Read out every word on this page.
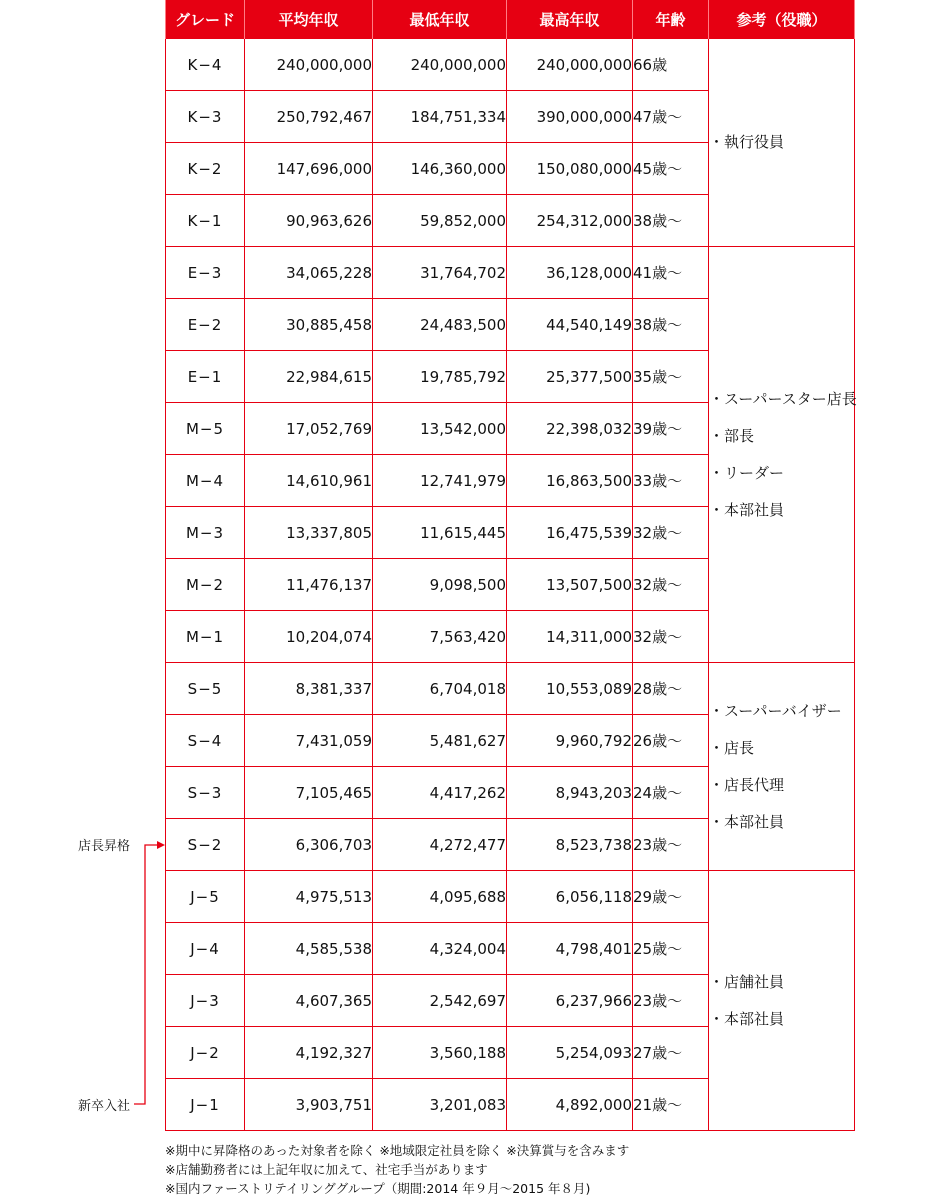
グレード	平均年収	最低年収	最高年収	年齢	参考（役職）
K−4	240,000,000	240,000,000	240,000,000	66歳	・執行役員

K−3	250,792,467	184,751,334	390,000,000	47歳〜	
K−2	147,696,000	146,360,000	150,080,000	45歳〜	
K−1	90,963,626	59,852,000	254,312,000	38歳〜	
E−3	34,065,228	31,764,702	36,128,000	41歳〜	・スーパースター店長
・部長
・リーダー
・本部社員

E−2	30,885,458	24,483,500	44,540,149	38歳〜	
E−1	22,984,615	19,785,792	25,377,500	35歳〜	
M−5	17,052,769	13,542,000	22,398,032	39歳〜	
M−4	14,610,961	12,741,979	16,863,500	33歳〜	
M−3	13,337,805	11,615,445	16,475,539	32歳〜	
M−2	11,476,137	9,098,500	13,507,500	32歳〜	
M−1	10,204,074	7,563,420	14,311,000	32歳〜	
S−5	8,381,337	6,704,018	10,553,089	28歳〜	・スーパーバイザー
・店長
・店長代理
・本部社員

S−4	7,431,059	5,481,627	9,960,792	26歳〜	
S−3	7,105,465	4,417,262	8,943,203	24歳〜	
S−2	6,306,703	4,272,477	8,523,738	23歳〜	
J−5	4,975,513	4,095,688	6,056,118	29歳〜	・店舗社員
・本部社員

J−4	4,585,538	4,324,004	4,798,401	25歳〜	
J−3	4,607,365	2,542,697	6,237,966	23歳〜	
J−2	4,192,327	3,560,188	5,254,093	27歳〜	
J−1	3,903,751	3,201,083	4,892,000	21歳〜	
店長昇格
新卒入社
※期中に昇降格のあった対象者を除く ※地域限定社員を除く ※決算賞与を含みます
※店舗勤務者には上記年収に加えて、社宅手当があります
※国内ファーストリテイリンググループ（期間:2014 年９月〜2015 年８月)
